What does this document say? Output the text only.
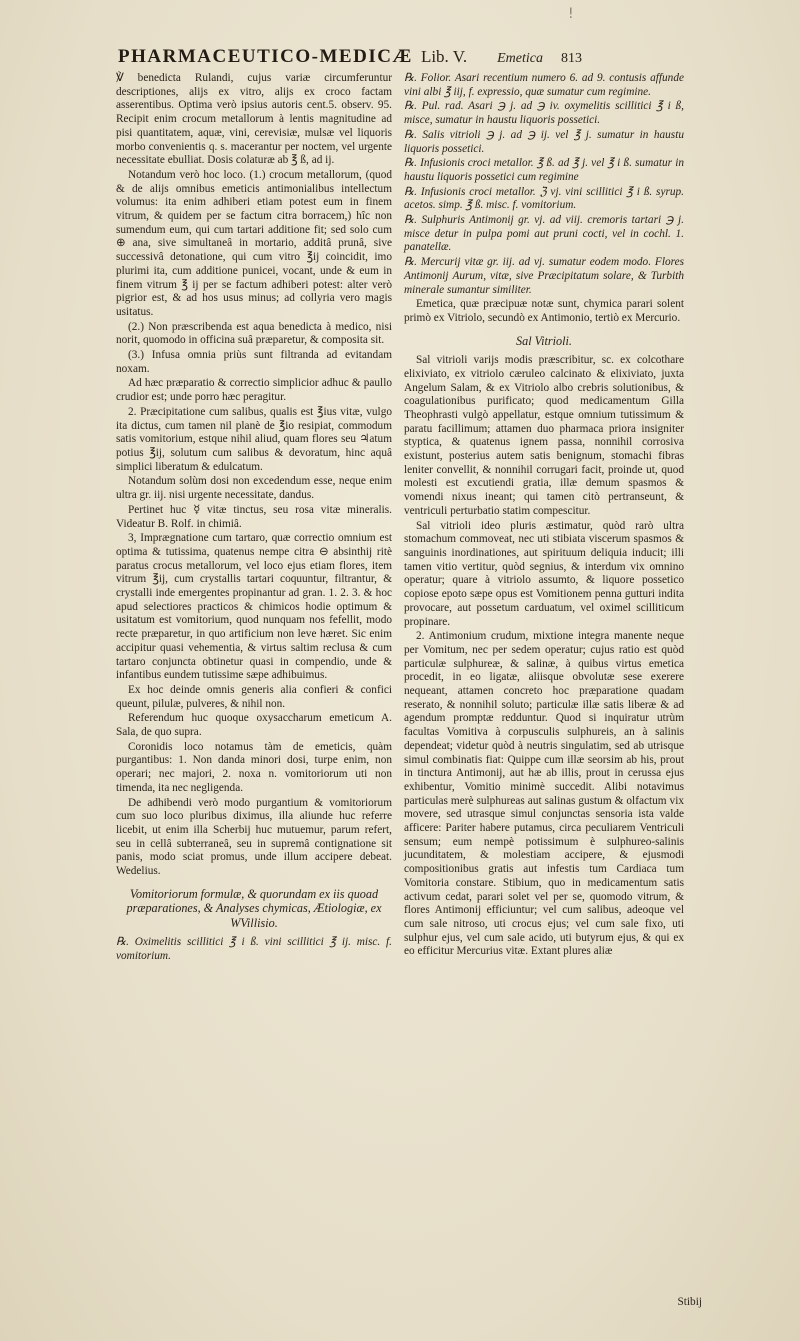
!
PHARMACEUTICO-MEDICÆ Lib. V. Emetica 813

℣ benedicta Rulandi, cujus variæ circumferuntur descriptiones, alijs ex vitro, alijs ex croco factam asserentibus. Optima verò ipsius autoris cent.5. observ. 95. Recipit enim crocum metallorum à lentis magnitudine ad pisi quantitatem, aquæ, vini, cerevisiæ, mulsæ vel liquoris morbo convenientis q. s. macerantur per noctem, vel urgente necessitate ebulliat. Dosis colaturæ ab ℥ ß, ad ij.

Notandum verò hoc loco. (1.) crocum metallorum, (quod & de alijs omnibus emeticis antimonialibus intellectum volumus: ita enim adhiberi etiam potest eum in finem vitrum, & quidem per se factum citra borracem,) hîc non sumendum eum, qui cum tartari additione fit; sed solo cum ⊕ ana, sive simultaneâ in mortario, additâ prunâ, sive successivâ detonatione, qui cum vitro ℥ij coincidit, imo plurimi ita, cum additione punicei, vocant, unde & eum in finem vitrum ℥ ij per se factum adhiberi potest: alter verò pigrior est, & ad hos usus minus; ad collyria vero magis usitatus.

(2.) Non præscribenda est aqua benedicta à medico, nisi norit, quomodo in officina suâ præparetur, & composita sit.

(3.) Infusa omnia priùs sunt filtranda ad evitandam noxam.

Ad hæc præparatio & correctio simplicior adhuc & paullo crudior est; unde porro hæc peragitur.

2. Præcipitatione cum salibus, qualis est ℥ius vitæ, vulgo ita dictus, cum tamen nil planè de ℥io resipiat, commodum satis vomitorium, estque nihil aliud, quam flores seu ♃atum potius ℥ij, solutum cum salibus & devoratum, hinc aquâ simplici liberatum & edulcatum.

Notandum solùm dosi non excedendum esse, neque enim ultra gr. iij. nisi urgente necessitate, dandus.

Pertinet huc ☿ vitæ tinctus, seu rosa vitæ mineralis. Videatur B. Rolf. in chimiâ.

3, Imprægnatione cum tartaro, quæ correctio omnium est optima & tutissima, quatenus nempe citra ⊖ absinthij ritè paratus crocus metallorum, vel loco ejus etiam flores, item vitrum ℥ij, cum crystallis tartari coquuntur, filtrantur, & crystalli inde emergentes propinantur ad gran. 1. 2. 3. & hoc apud selectiores practicos & chimicos hodie optimum & usitatum est vomitorium, quod nunquam nos fefellit, modo recte præparetur, in quo artificium non leve hæret. Sic enim accipitur quasi vehementia, & virtus saltim reclusa & cum tartaro conjuncta obtinetur quasi in compendio, unde & infantibus eundem tutissime sæpe adhibuimus.

Ex hoc deinde omnis generis alia confieri & confici queunt, pilulæ, pulveres, & nihil non.

Referendum huc quoque oxysaccharum emeticum A. Sala, de quo supra.

Coronidis loco notamus tàm de emeticis, quàm purgantibus: 1. Non danda minori dosi, turpe enim, non operari; nec majori, 2. noxa n. vomitoriorum uti non timenda, ita nec negligenda.

De adhibendi verò modo purgantium & vomitoriorum cum suo loco pluribus diximus, illa aliunde huc referre licebit, ut enim illa Scherbij huc mutuemur, parum refert, seu in cellâ subterraneâ, seu in supremâ contignatione sit panis, modo sciat promus, unde illum accipere debeat. Wedelius.

Vomitoriorum formulæ, & quorundam ex iis quoad præparationes, & Analyses chymicas, Ætiologiæ, ex WVillisio.

℞. Oximelitis scillitici ℥ i ß. vini scillitici ℥ ij. misc. f. vomitorium.

℞. Folior. Asari recentium numero 6. ad 9. contusis affunde vini albi ℥ iij, f. expressio, quæ sumatur cum regimine.

℞. Pul. rad. Asari ℈ j. ad ℈ iv. oxymelitis scillitici ℥ i ß, misce, sumatur in haustu liquoris possetici.

℞. Salis vitrioli ℈ j. ad ℈ ij. vel ℥ j. sumatur in haustu liquoris possetici.

℞. Infusionis croci metallor. ℥ ß. ad ℥ j. vel ℥ i ß. sumatur in haustu liquoris possetici cum regimine

℞. Infusionis croci metallor. ℨ vj. vini scillitici ℥ i ß. syrup. acetos. simp. ℥ ß. misc. f. vomitorium.

℞. Sulphuris Antimonij gr. vj. ad viij. cremoris tartari ℈ j. misce detur in pulpa pomi aut pruni cocti, vel in cochl. 1. panatellæ.

℞. Mercurij vitæ gr. iij. ad vj. sumatur eodem modo. Flores Antimonij Aurum, vitæ, sive Præcipitatum solare, & Turbith minerale sumantur similiter.

Emetica, quæ præcipuæ notæ sunt, chymica parari solent primò ex Vitriolo, secundò ex Antimonio, tertiò ex Mercurio.

Sal Vitrioli.

Sal vitrioli varijs modis præscribitur, sc. ex colcothare elixiviato, ex vitriolo cæruleo calcinato & elixiviato, juxta Angelum Salam, & ex Vitriolo albo crebris solutionibus, & coagulationibus purificato; quod medicamentum Gilla Theophrasti vulgò appellatur, estque omnium tutissimum & paratu facillimum; attamen duo pharmaca priora insigniter styptica, & quatenus ignem passa, nonnihil corrosiva existunt, posterius autem satis benignum, stomachi fibras leniter convellit, & nonnihil corrugari facit, proinde ut, quod molesti est excutiendi gratia, illæ demum spasmos & vomendi nixus ineant; qui tamen citò pertranseunt, & ventriculi perturbatio statim compescitur.

Sal vitrioli ideo pluris æstimatur, quòd rarò ultra stomachum commoveat, nec uti stibiata viscerum spasmos & sanguinis inordinationes, aut spirituum deliquia inducit; illi tamen vitio vertitur, quòd segnius, & interdum vix omnino operatur; quare à vitriolo assumto, & liquore possetico copiose epoto sæpe opus est Vomitionem penna gutturi indita provocare, aut possetum carduatum, vel oximel scilliticum propinare.

2. Antimonium crudum, mixtione integra manente neque per Vomitum, nec per sedem operatur; cujus ratio est quòd particulæ sulphureæ, & salinæ, à quibus virtus emetica procedit, in eo ligatæ, aliisque obvolutæ sese exerere nequeant, attamen concreto hoc præparatione quadam reserato, & nonnihil soluto; particulæ illæ satis liberæ & ad agendum promptæ redduntur. Quod si inquiratur utrùm facultas Vomitiva à corpusculis sulphureis, an à salinis dependeat; videtur quòd à neutris singulatim, sed ab utrisque simul combinatis fiat: Quippe cum illæ seorsim ab his, prout in tinctura Antimonij, aut hæ ab illis, prout in cerussa ejus exhibentur, Vomitio minimè succedit. Alibi notavimus particulas merè sulphureas aut salinas gustum & olfactum vix movere, sed utrasque simul conjunctas sensoria ista valde afficere: Pariter habere putamus, circa peculiarem Ventriculi sensum; eum nempè potissimum è sulphureo-salinis jucunditatem, & molestiam accipere, & ejusmodi compositionibus gratis aut infestis tum Cardiaca tum Vomitoria constare. Stibium, quo in medicamentum satis activum cedat, parari solet vel per se, quomodo vitrum, & flores Antimonij efficiuntur; vel cum salibus, adeoque vel cum sale nitroso, uti crocus ejus; vel cum sale fixo, uti sulphur ejus, vel cum sale acido, uti butyrum ejus, & qui ex eo efficitur Mercurius vitæ. Extant plures aliæ

Stibij
